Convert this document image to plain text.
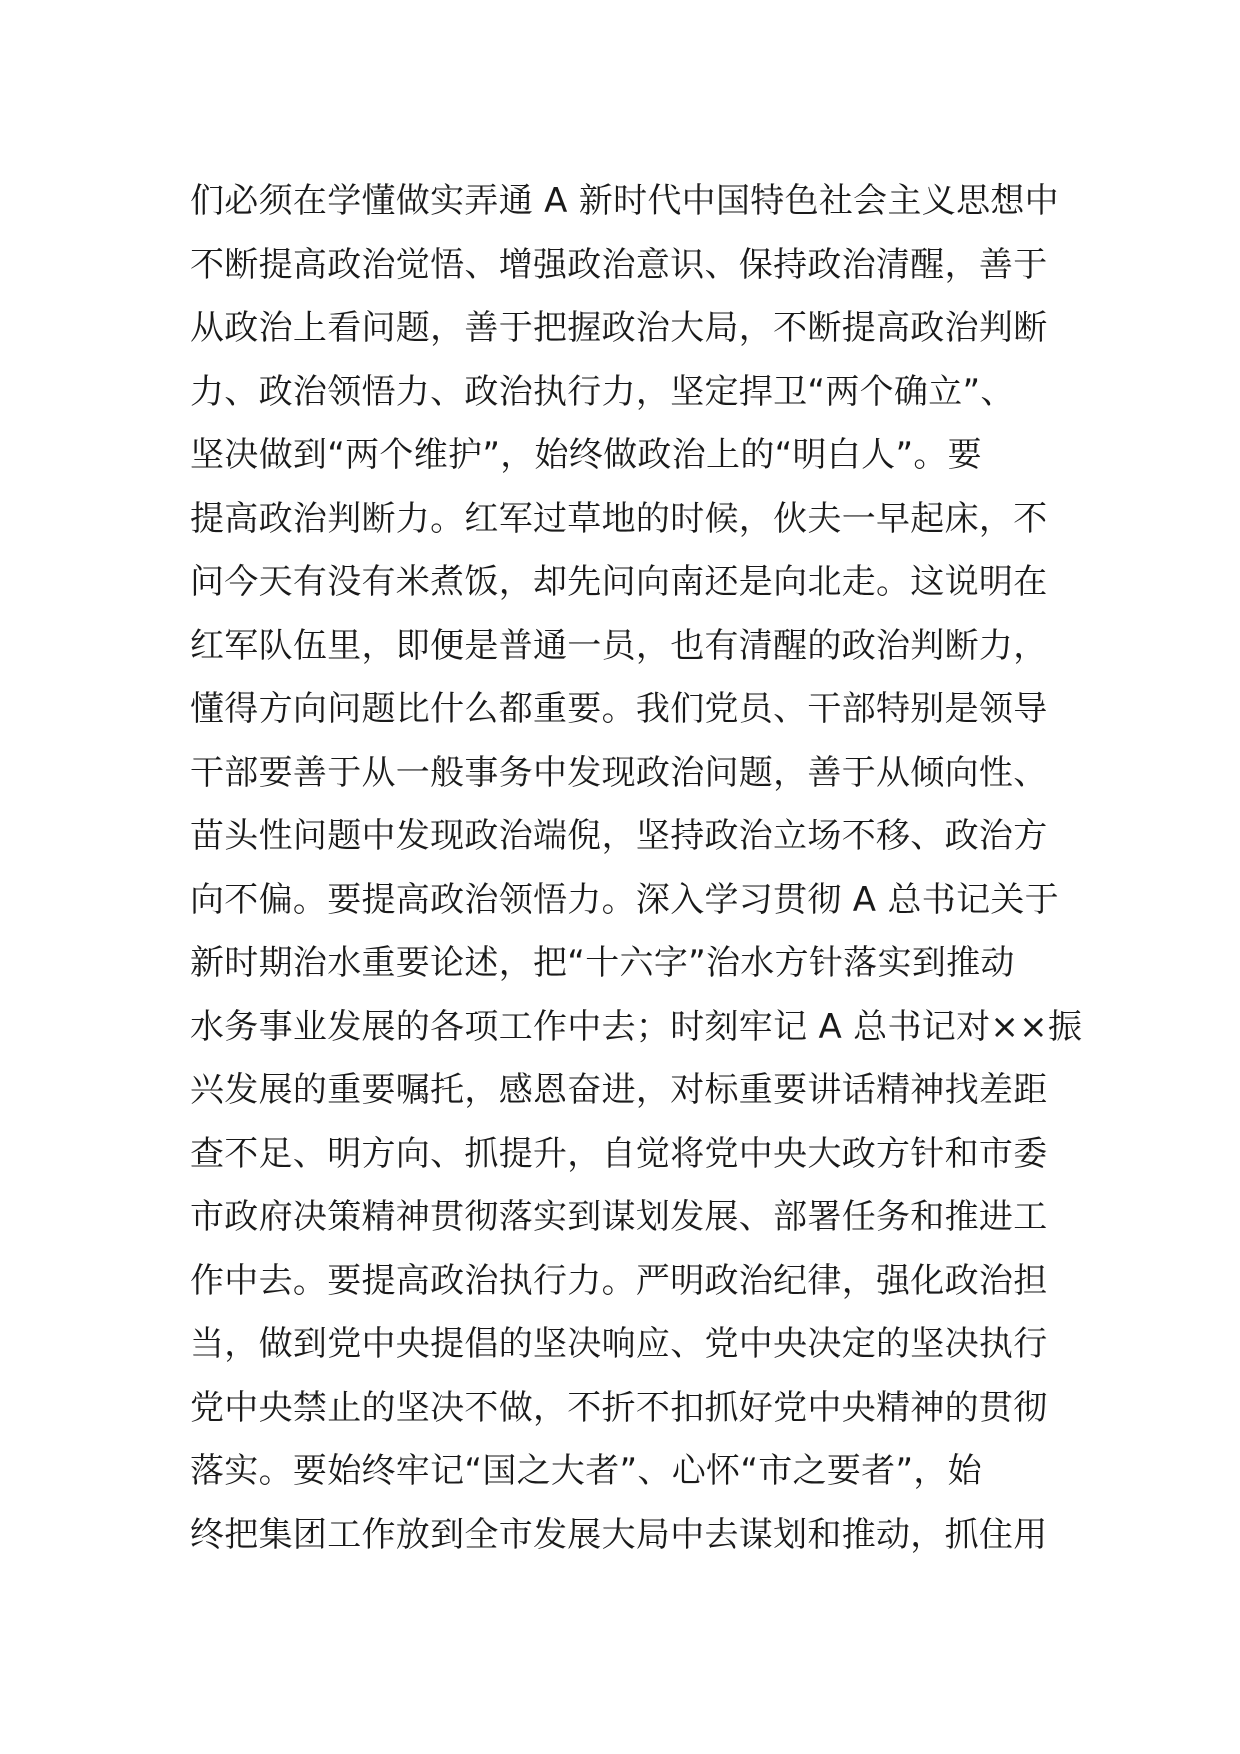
们必须在学懂做实弄通 A 新时代中国特色社会主义思想中
不断提高政治觉悟、增强政治意识、保持政治清醒，善于
从政治上看问题，善于把握政治大局，不断提高政治判断
力、政治领悟力、政治执行力，坚定捍卫“两个确立”、
坚决做到“两个维护”，始终做政治上的“明白人”。要
提高政治判断力。红军过草地的时候，伙夫一早起床，不
问今天有没有米煮饭，却先问向南还是向北走。这说明在
红军队伍里，即便是普通一员，也有清醒的政治判断力，
懂得方向问题比什么都重要。我们党员、干部特别是领导
干部要善于从一般事务中发现政治问题，善于从倾向性、
苗头性问题中发现政治端倪，坚持政治立场不移、政治方
向不偏。要提高政治领悟力。深入学习贯彻 A 总书记关于
新时期治水重要论述，把“十六字”治水方针落实到推动
水务事业发展的各项工作中去；时刻牢记 A 总书记对××振
兴发展的重要嘱托，感恩奋进，对标重要讲话精神找差距
查不足、明方向、抓提升，自觉将党中央大政方针和市委
市政府决策精神贯彻落实到谋划发展、部署任务和推进工
作中去。要提高政治执行力。严明政治纪律，强化政治担
当，做到党中央提倡的坚决响应、党中央决定的坚决执行
党中央禁止的坚决不做，不折不扣抓好党中央精神的贯彻
落实。要始终牢记“国之大者”、心怀“市之要者”，始
终把集团工作放到全市发展大局中去谋划和推动，抓住用
